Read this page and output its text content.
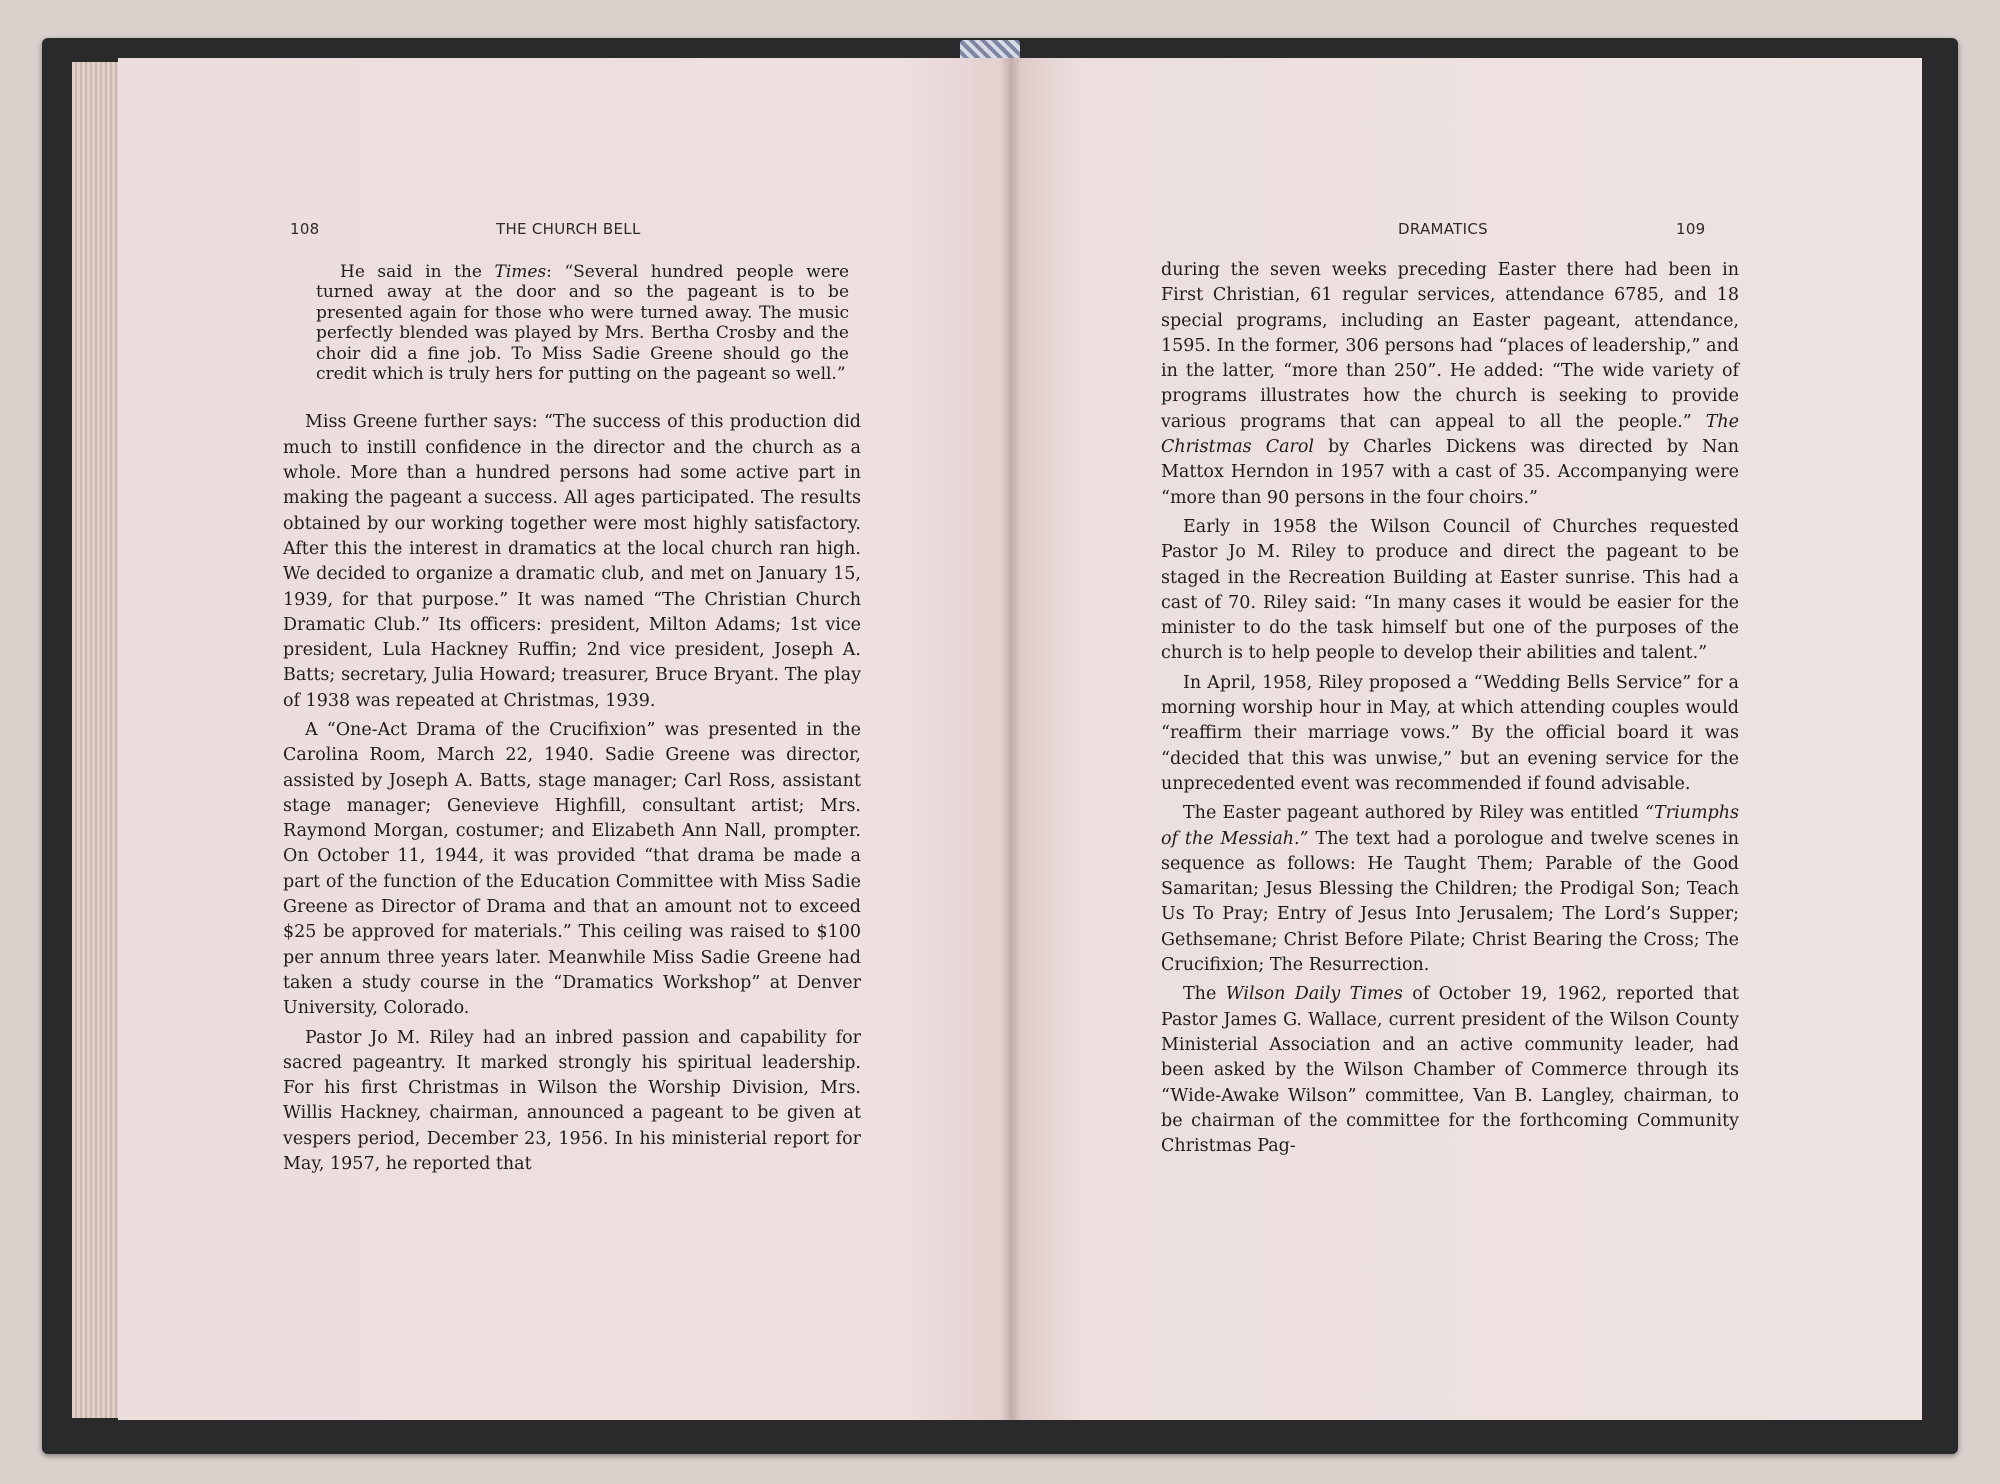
108	THE CHURCH BELL
He said in the Times: “Several hundred people were turned away at the door and so the pageant is to be presented again for those who were turned away. The music perfectly blended was played by Mrs. Bertha Crosby and the choir did a fine job. To Miss Sadie Greene should go the credit which is truly hers for putting on the pageant so well.”

Miss Greene further says: “The success of this production did much to instill confidence in the director and the church as a whole. More than a hundred persons had some active part in making the pageant a success. All ages participated. The results obtained by our working together were most highly satisfactory. After this the interest in dramatics at the local church ran high. We decided to organize a dramatic club, and met on January 15, 1939, for that purpose.” It was named “The Christian Church Dramatic Club.” Its officers: president, Milton Adams; 1st vice president, Lula Hackney Ruffin; 2nd vice president, Joseph A. Batts; secretary, Julia Howard; treasurer, Bruce Bryant. The play of 1938 was repeated at Christmas, 1939.

A “One-Act Drama of the Crucifixion” was presented in the Carolina Room, March 22, 1940. Sadie Greene was director, assisted by Joseph A. Batts, stage manager; Carl Ross, assistant stage manager; Genevieve Highfill, consultant artist; Mrs. Raymond Morgan, costumer; and Elizabeth Ann Nall, prompter. On October 11, 1944, it was provided “that drama be made a part of the function of the Education Committee with Miss Sadie Greene as Director of Drama and that an amount not to exceed $25 be approved for materials.” This ceiling was raised to $100 per annum three years later. Meanwhile Miss Sadie Greene had taken a study course in the “Dramatics Workshop” at Denver University, Colorado.

Pastor Jo M. Riley had an inbred passion and capability for sacred pageantry. It marked strongly his spiritual leadership. For his first Christmas in Wilson the Worship Division, Mrs. Willis Hackney, chairman, announced a pageant to be given at vespers period, December 23, 1956. In his ministerial report for May, 1957, he reported that

DRAMATICS	109

during the seven weeks preceding Easter there had been in First Christian, 61 regular services, attendance 6785, and 18 special programs, including an Easter pageant, attendance, 1595. In the former, 306 persons had “places of leadership,” and in the latter, “more than 250”. He added: “The wide variety of programs illustrates how the church is seeking to provide various programs that can appeal to all the people.” The Christmas Carol by Charles Dickens was directed by Nan Mattox Herndon in 1957 with a cast of 35. Accompanying were “more than 90 persons in the four choirs.”

Early in 1958 the Wilson Council of Churches requested Pastor Jo M. Riley to produce and direct the pageant to be staged in the Recreation Building at Easter sunrise. This had a cast of 70. Riley said: “In many cases it would be easier for the minister to do the task himself but one of the purposes of the church is to help people to develop their abilities and talent.”

In April, 1958, Riley proposed a “Wedding Bells Service” for a morning worship hour in May, at which attending couples would “reaffirm their marriage vows.” By the official board it was “decided that this was unwise,” but an evening service for the unprecedented event was recommended if found advisable.

The Easter pageant authored by Riley was entitled “Triumphs of the Messiah.” The text had a porologue and twelve scenes in sequence as follows: He Taught Them; Parable of the Good Samaritan; Jesus Blessing the Children; the Prodigal Son; Teach Us To Pray; Entry of Jesus Into Jerusalem; The Lord’s Supper; Gethsemane; Christ Before Pilate; Christ Bearing the Cross; The Crucifixion; The Resurrection.

The Wilson Daily Times of October 19, 1962, reported that Pastor James G. Wallace, current president of the Wilson County Ministerial Association and an active community leader, had been asked by the Wilson Chamber of Commerce through its “Wide-Awake Wilson” committee, Van B. Langley, chairman, to be chairman of the committee for the forthcoming Community Christmas Pag-
